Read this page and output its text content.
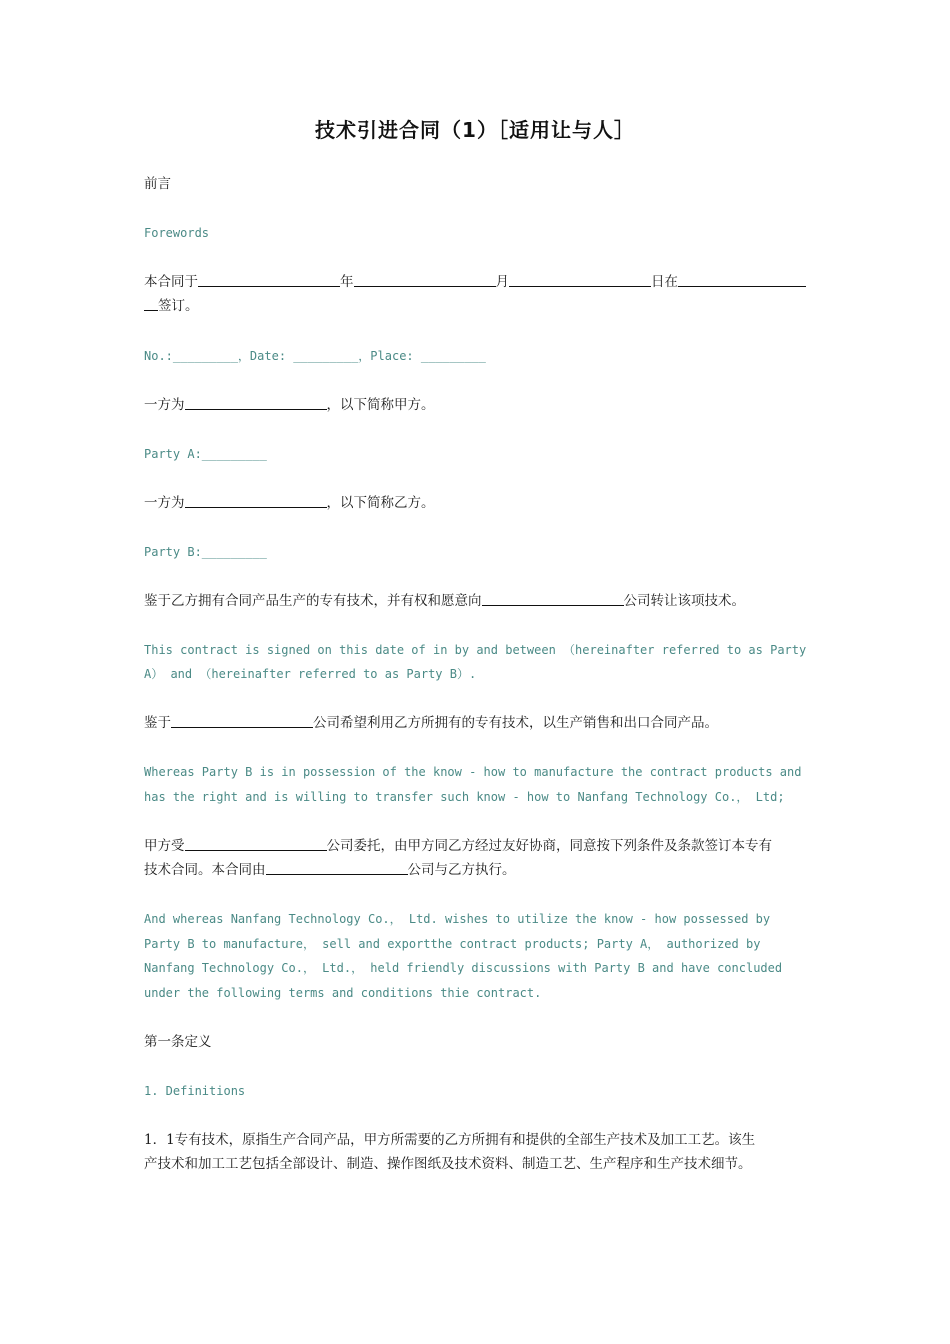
技术引进合同（1）［适用让与人］
前言
Forewords
本合同于	年	月	日在
签订。
No.:_________，Date: _________，Place: _________
一方为	，以下简称甲方。
Party A:_________
一方为	，以下简称乙方。
Party B:_________
鉴于乙方拥有合同产品生产的专有技术，并有权和愿意向	公司转让该项技术。
This contract is signed on this date of in by and between （hereinafter referred to as Party
A） and （hereinafter referred to as Party B）.
鉴于	公司希望利用乙方所拥有的专有技术，以生产销售和出口合同产品。
Whereas Party B is in possession of the know - how to manufacture the contract products and
has the right and is willing to transfer such know - how to Nanfang Technology Co.， Ltd;
甲方受	公司委托，由甲方同乙方经过友好协商，同意按下列条件及条款签订本专有
技术合同。本合同由	公司与乙方执行。
And whereas Nanfang Technology Co.， Ltd. wishes to utilize the know - how possessed by
Party B to manufacture， sell and exportthe contract products; Party A， authorized by
Nanfang Technology Co.， Ltd.， held friendly discussions with Party B and have concluded
under the following terms and conditions thie contract.
第一条定义
1. Definitions
1．1专有技术，原指生产合同产品，甲方所需要的乙方所拥有和提供的全部生产技术及加工工艺。该生
产技术和加工工艺包括全部设计、制造、操作图纸及技术资料、制造工艺、生产程序和生产技术细节。
